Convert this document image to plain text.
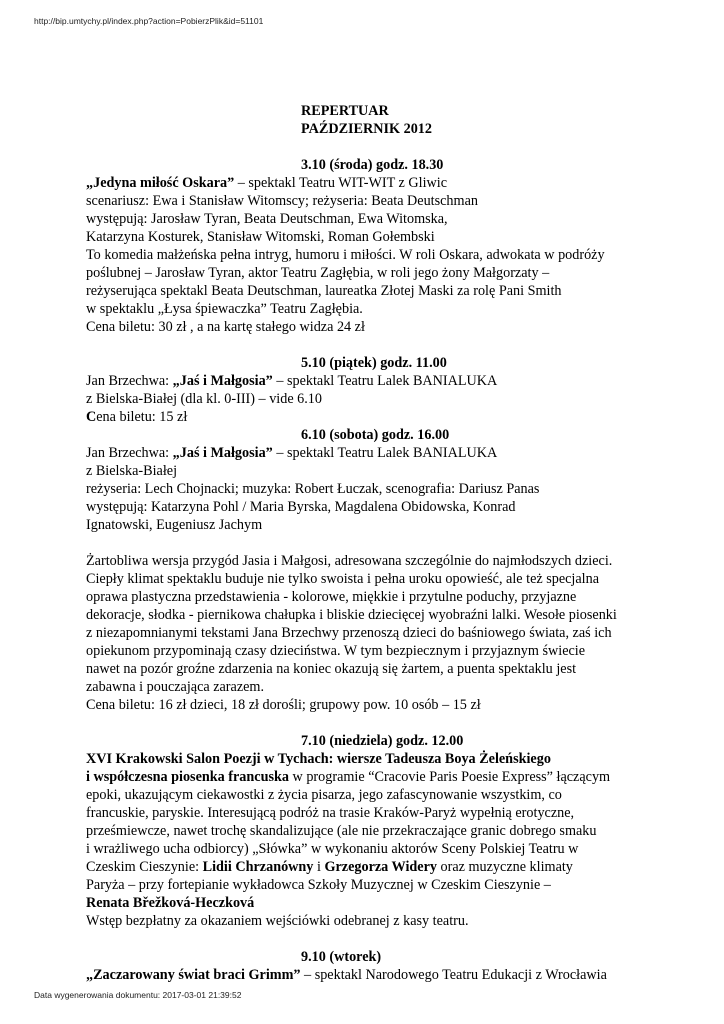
http://bip.umtychy.pl/index.php?action=PobierzPlik&id=51101
REPERTUAR
PAŹDZIERNIK 2012
3.10 (środa) godz. 18.30
„Jedyna miłość Oskara” – spektakl Teatru WIT-WIT z Gliwic
scenariusz: Ewa i Stanisław Witomscy; reżyseria: Beata Deutschman
występują: Jarosław Tyran, Beata Deutschman, Ewa Witomska,
Katarzyna Kosturek, Stanisław Witomski, Roman Gołembski
To komedia małżeńska pełna intryg, humoru i miłości. W roli Oskara, adwokata w podróży
poślubnej – Jarosław Tyran, aktor Teatru Zagłębia, w roli jego żony Małgorzaty –
reżyserująca spektakl Beata Deutschman, laureatka Złotej Maski za rolę Pani Smith
w spektaklu „Łysa śpiewaczka” Teatru Zagłębia.
Cena biletu: 30 zł , a na kartę stałego widza 24 zł
5.10 (piątek) godz. 11.00
Jan Brzechwa: „Jaś i Małgosia” – spektakl Teatru Lalek BANIALUKA
z Bielska-Białej (dla kl. 0-III) – vide 6.10
Cena biletu: 15 zł
6.10 (sobota) godz. 16.00
Jan Brzechwa: „Jaś i Małgosia” – spektakl Teatru Lalek BANIALUKA
z Bielska-Białej
reżyseria: Lech Chojnacki; muzyka: Robert Łuczak, scenografia: Dariusz Panas
występują: Katarzyna Pohl / Maria Byrska, Magdalena Obidowska, Konrad
Ignatowski, Eugeniusz Jachym
Żartobliwa wersja przygód Jasia i Małgosi, adresowana szczególnie do najmłodszych dzieci.
Ciepły klimat spektaklu buduje nie tylko swoista i pełna uroku opowieść, ale też specjalna
oprawa plastyczna przedstawienia - kolorowe, miękkie i przytulne poduchy, przyjazne
dekoracje, słodka - piernikowa chałupka i bliskie dziecięcej wyobraźni lalki. Wesołe piosenki
z niezapomnianymi tekstami Jana Brzechwy przenoszą dzieci do baśniowego świata, zaś ich
opiekunom przypominają czasy dzieciństwa. W tym bezpiecznym i przyjaznym świecie
nawet na pozór groźne zdarzenia na koniec okazują się żartem, a puenta spektaklu jest
zabawna i pouczająca zarazem.
Cena biletu: 16 zł dzieci, 18 zł dorośli; grupowy pow. 10 osób – 15 zł
7.10 (niedziela) godz. 12.00
XVI Krakowski Salon Poezji w Tychach: wiersze Tadeusza Boya Żeleńskiego
i współczesna piosenka francuska w programie “Cracovie Paris Poesie Express” łączącym
epoki, ukazującym ciekawostki z życia pisarza, jego zafascynowanie wszystkim, co
francuskie, paryskie. Interesującą podróż na trasie Kraków-Paryż wypełnią erotyczne,
prześmiewcze, nawet trochę skandalizujące (ale nie przekraczające granic dobrego smaku
i wrażliwego ucha odbiorcy) „Słówka” w wykonaniu aktorów Sceny Polskiej Teatru w
Czeskim Cieszynie: Lidii Chrzanówny i Grzegorza Widery oraz muzyczne klimaty
Paryża – przy fortepianie wykładowca Szkoły Muzycznej w Czeskim Cieszynie –
Renata Břežková-Heczková
Wstęp bezpłatny za okazaniem wejściówki odebranej z kasy teatru.
9.10 (wtorek)
„Zaczarowany świat braci Grimm” – spektakl Narodowego Teatru Edukacji z Wrocławia
Data wygenerowania dokumentu: 2017-03-01 21:39:52
